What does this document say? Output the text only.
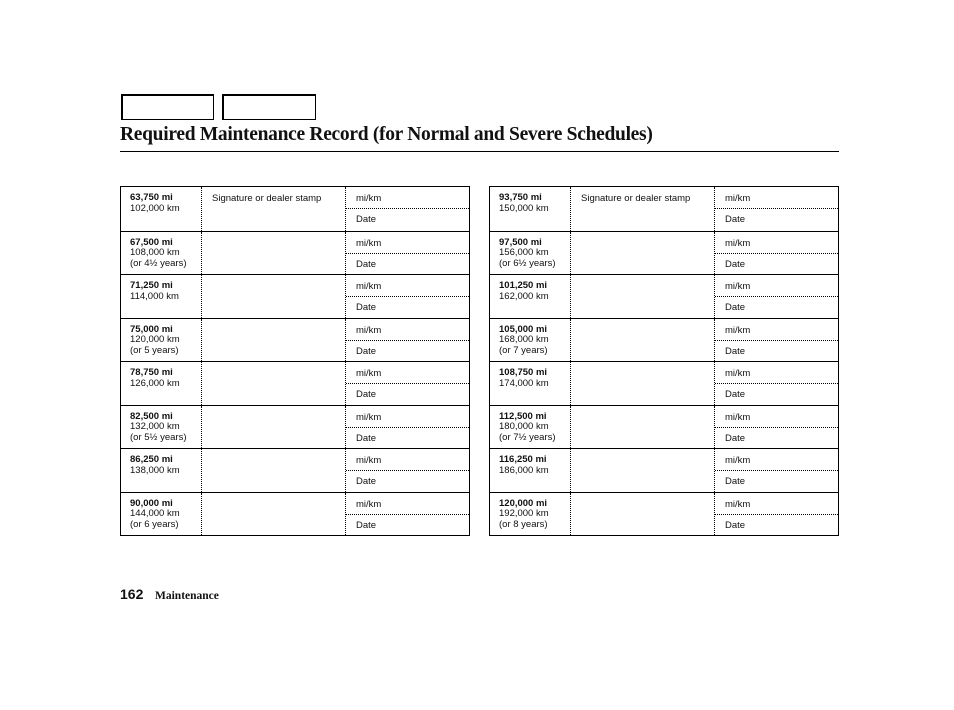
Required Maintenance Record (for Normal and Severe Schedules)
63,750 mi
102,000 km
Signature or dealer stamp	mi/km
Date
67,500 mi
108,000 km
(or 4½ years)
mi/km
Date
71,250 mi
114,000 km
mi/km
Date
75,000 mi
120,000 km
(or 5 years)
mi/km
Date
78,750 mi
126,000 km
mi/km
Date
82,500 mi
132,000 km
(or 5½ years)
mi/km
Date
86,250 mi
138,000 km
mi/km
Date
90,000 mi
144,000 km
(or 6 years)
mi/km
Date
93,750 mi
150,000 km
Signature or dealer stamp	mi/km
Date
97,500 mi
156,000 km
(or 6½ years)
mi/km
Date
101,250 mi
162,000 km
mi/km
Date
105,000 mi
168,000 km
(or 7 years)
mi/km
Date
108,750 mi
174,000 km
mi/km
Date
112,500 mi
180,000 km
(or 7½ years)
mi/km
Date
116,250 mi
186,000 km
mi/km
Date
120,000 mi
192,000 km
(or 8 years)
mi/km
Date
162 Maintenance
